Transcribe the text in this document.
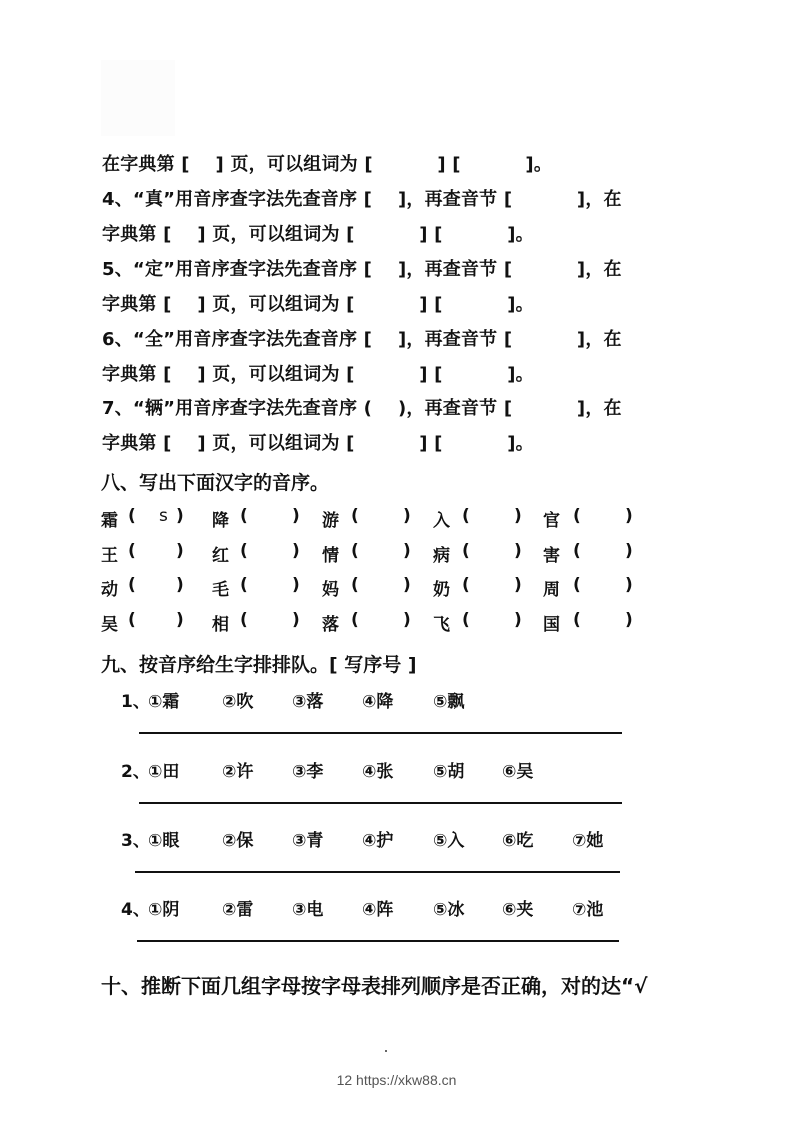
在字典第 [    ] 页，可以组词为 [          ] [          ]。
4、“真”用音序查字法先查音序 [    ]，再查音节 [          ]，在
字典第 [    ] 页，可以组词为 [          ] [          ]。
5、“定”用音序查字法先查音序 [    ]，再查音节 [          ]，在
字典第 [    ] 页，可以组词为 [          ] [          ]。
6、“全”用音序查字法先查音序 [    ]，再查音节 [          ]，在
字典第 [    ] 页，可以组词为 [          ] [          ]。
7、“辆”用音序查字法先查音序 (    )，再查音节 [          ]，在
字典第 [    ] 页，可以组词为 [          ] [          ]。
八、写出下面汉字的音序。
霜 ( s ) 降 (	) 游 (	) 入 (	) 官 (	)
王 ( ) 红 (	) 情 (	) 病 (	) 害 (	)
动 ( ) 毛 (	) 妈 (	) 奶 (	) 周 (	)
吴 ( ) 相 (	) 落 (	) 飞 (	) 国 (	)
九、按音序给生字排排队。[ 写序号 ]
1、
①霜	②吹 ③落 ④降 ⑤飘
2、
①田	②许 ③李 ④张 ⑤胡 ⑥吴
3、
①眼	②保 ③青 ④护 ⑤入 ⑥吃 ⑦她
4、
①阴	②雷 ③电 ④阵 ⑤冰 ⑥夹 ⑦池
十、推断下面几组字母按字母表排列顺序是否正确，对的达“√
12 https://xkw88.cn
